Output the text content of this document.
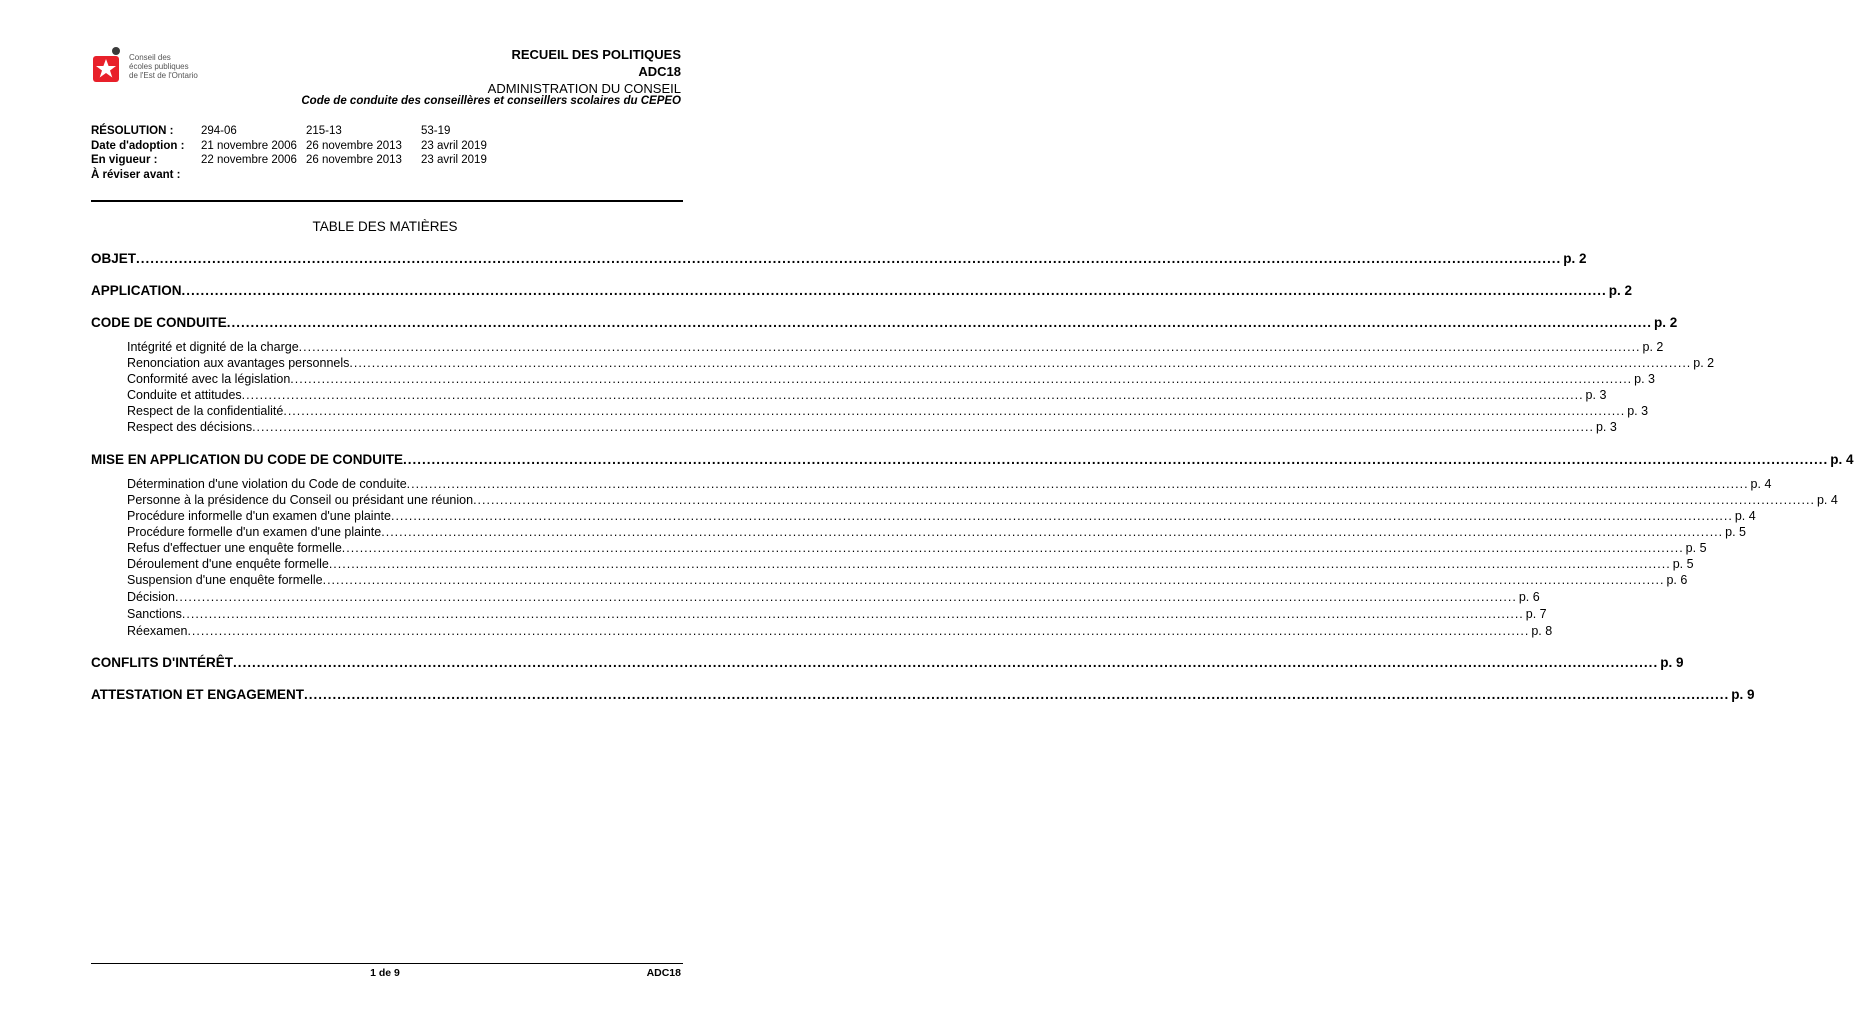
Conseil des
écoles publiques
de l'Est de l'Ontario
RECUEIL DES POLITIQUES
ADC18
ADMINISTRATION DU CONSEIL
Code de conduite des conseillères et conseillers scolaires du CEPEO
RÉSOLUTION :
Date d'adoption :
En vigueur :
À réviser avant :
294-06
21 novembre 2006
22 novembre 2006
215-13
26 novembre 2013
26 novembre 2013
53-19
23 avril 2019
23 avril 2019
TABLE DES MATIÈRES
OBJET ............................................................................................................................................................................................................................................................................................................ p. 2
APPLICATION ............................................................................................................................................................................................................................................................................................................ p. 2
CODE DE CONDUITE ............................................................................................................................................................................................................................................................................................................ p. 2
Intégrité et dignité de la charge ............................................................................................................................................................................................................................................................................................................ p. 2
Renonciation aux avantages personnels ............................................................................................................................................................................................................................................................................................................ p. 2
Conformité avec la législation ............................................................................................................................................................................................................................................................................................................ p. 3
Conduite et attitudes ............................................................................................................................................................................................................................................................................................................ p. 3
Respect de la confidentialité ............................................................................................................................................................................................................................................................................................................ p. 3
Respect des décisions ............................................................................................................................................................................................................................................................................................................ p. 3
MISE EN APPLICATION DU CODE DE CONDUITE ............................................................................................................................................................................................................................................................................................................ p. 4
Détermination d'une violation du Code de conduite ............................................................................................................................................................................................................................................................................................................ p. 4
Personne à la présidence du Conseil ou présidant une réunion ............................................................................................................................................................................................................................................................................................................ p. 4
Procédure informelle d'un examen d'une plainte ............................................................................................................................................................................................................................................................................................................ p. 4
Procédure formelle d'un examen d'une plainte ............................................................................................................................................................................................................................................................................................................ p. 5
Refus d'effectuer une enquête formelle ............................................................................................................................................................................................................................................................................................................ p. 5
Déroulement d'une enquête formelle ............................................................................................................................................................................................................................................................................................................ p. 5
Suspension d'une enquête formelle ............................................................................................................................................................................................................................................................................................................ p. 6
Décision ............................................................................................................................................................................................................................................................................................................ p. 6
Sanctions ............................................................................................................................................................................................................................................................................................................ p. 7
Réexamen ............................................................................................................................................................................................................................................................................................................ p. 8
CONFLITS D'INTÉRÊT ............................................................................................................................................................................................................................................................................................................ p. 9
ATTESTATION ET ENGAGEMENT ............................................................................................................................................................................................................................................................................................................ p. 9
1 de 9	ADC18
